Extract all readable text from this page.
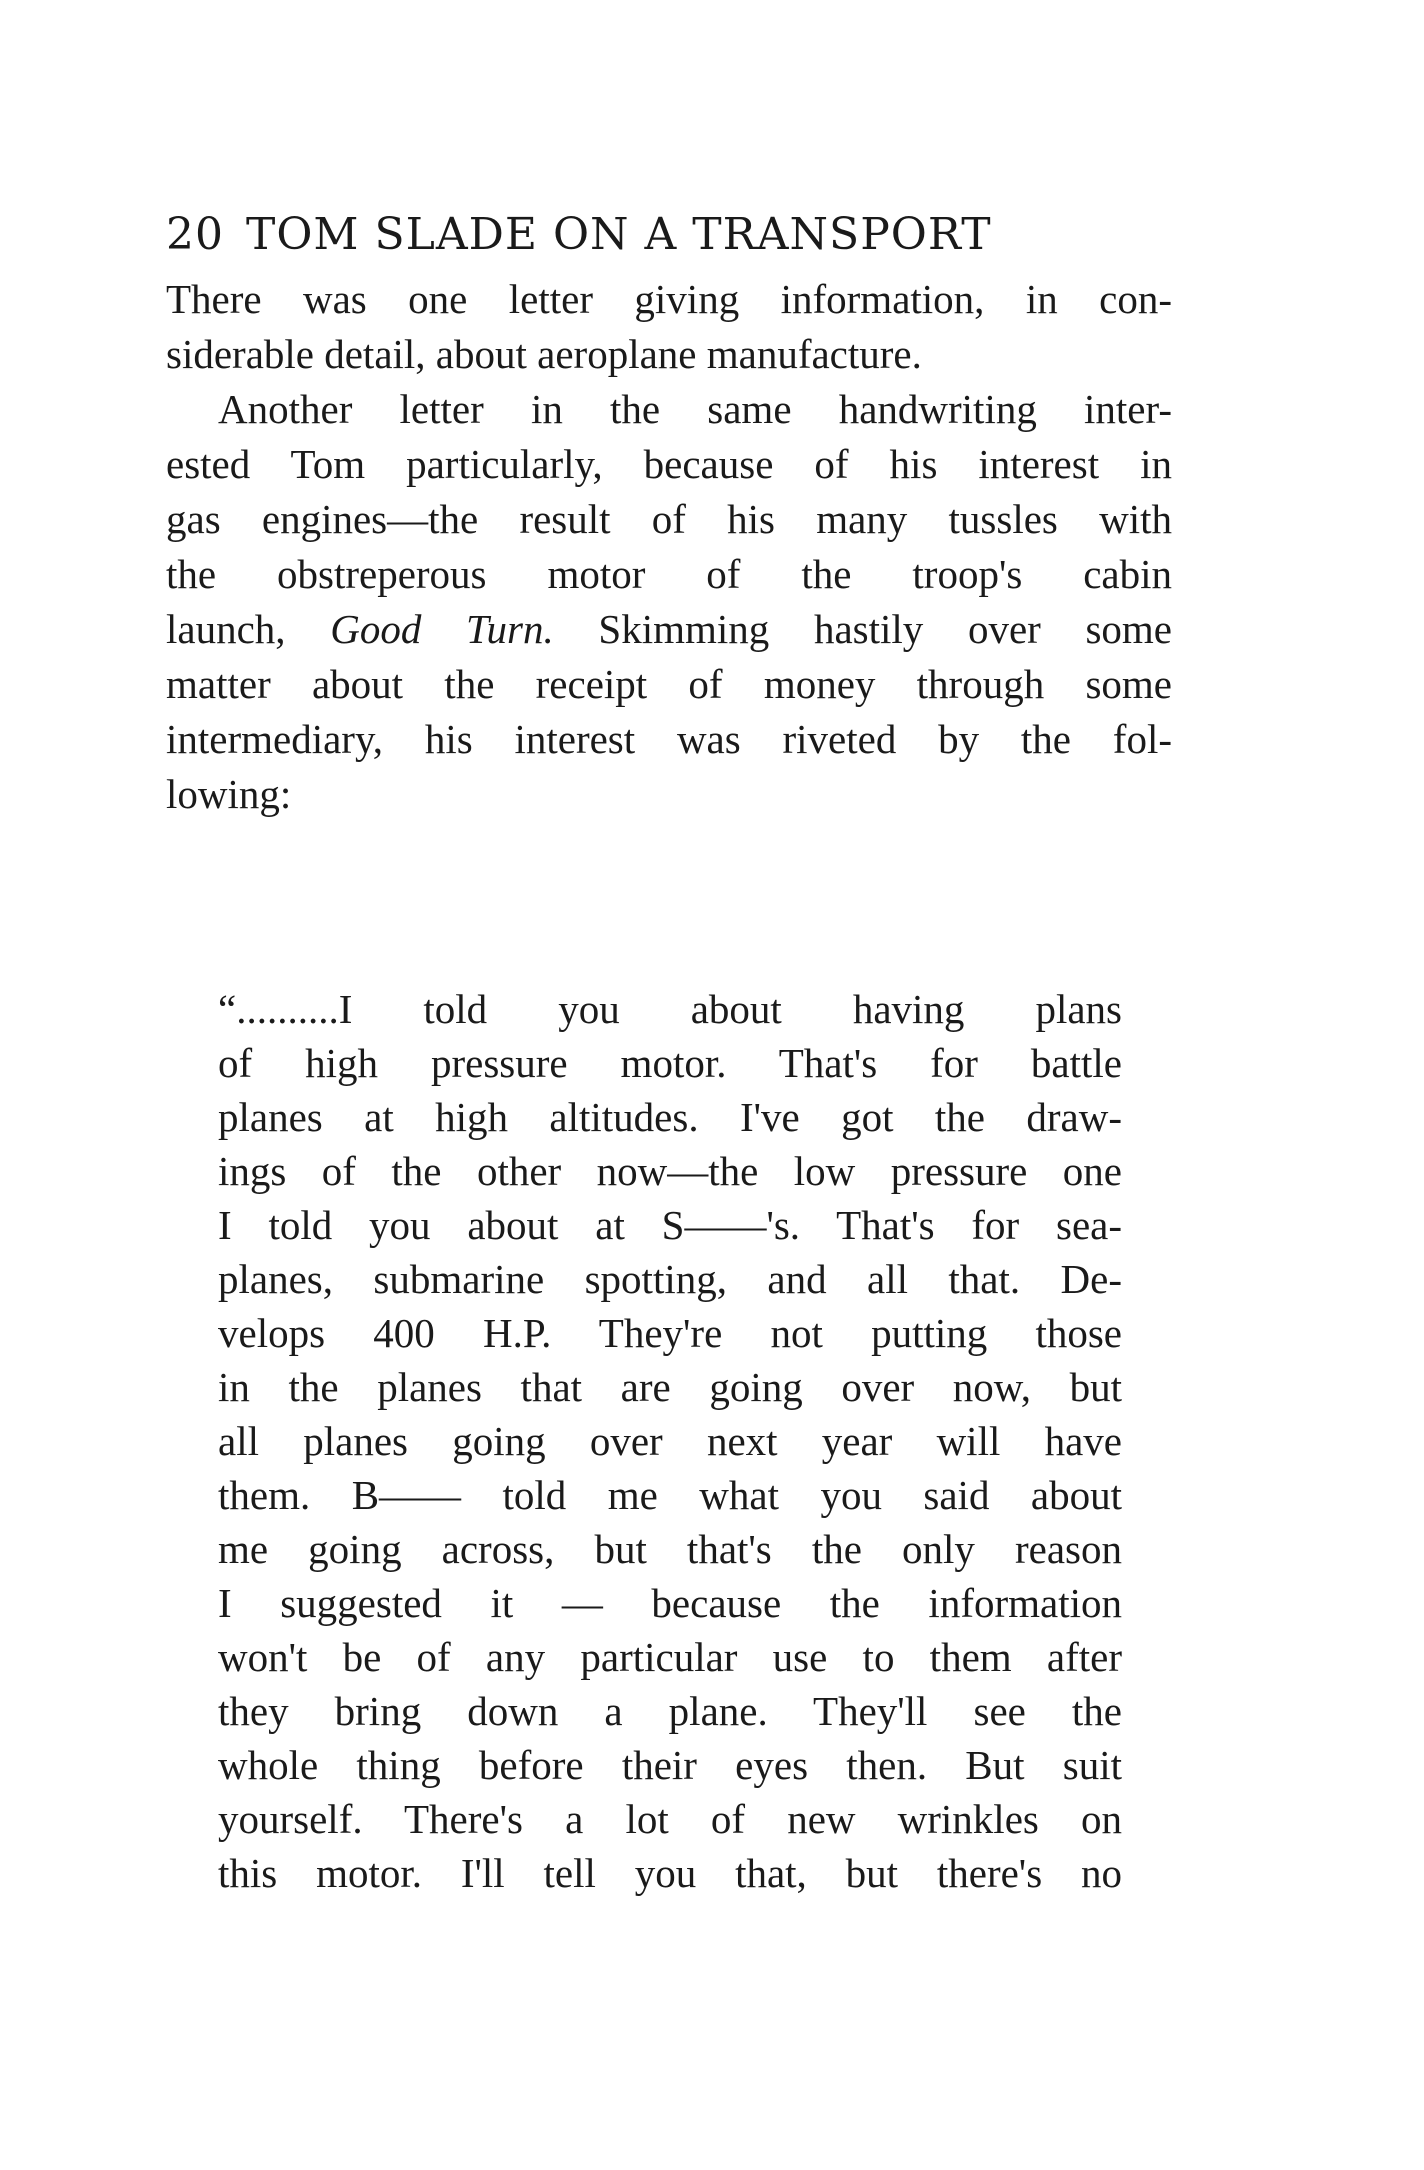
20 TOM SLADE ON A TRANSPORT
There was one letter giving information, in con-
siderable detail, about aeroplane manufacture.
Another letter in the same handwriting inter-
ested Tom particularly, because of his interest in
gas engines—the result of his many tussles with
the obstreperous motor of the troop's cabin
launch, Good Turn. Skimming hastily over some
matter about the receipt of money through some
intermediary, his interest was riveted by the fol-
lowing:
“..........I told you about having plans
of high pressure motor. That's for battle
planes at high altitudes. I've got the draw-
ings of the other now—the low pressure one
I told you about at S——'s. That's for sea-
planes, submarine spotting, and all that. De-
velops 400 H.P. They're not putting those
in the planes that are going over now, but
all planes going over next year will have
them. B—— told me what you said about
me going across, but that's the only reason
I suggested it — because the information
won't be of any particular use to them after
they bring down a plane. They'll see the
whole thing before their eyes then. But suit
yourself. There's a lot of new wrinkles on
this motor. I'll tell you that, but there's no
